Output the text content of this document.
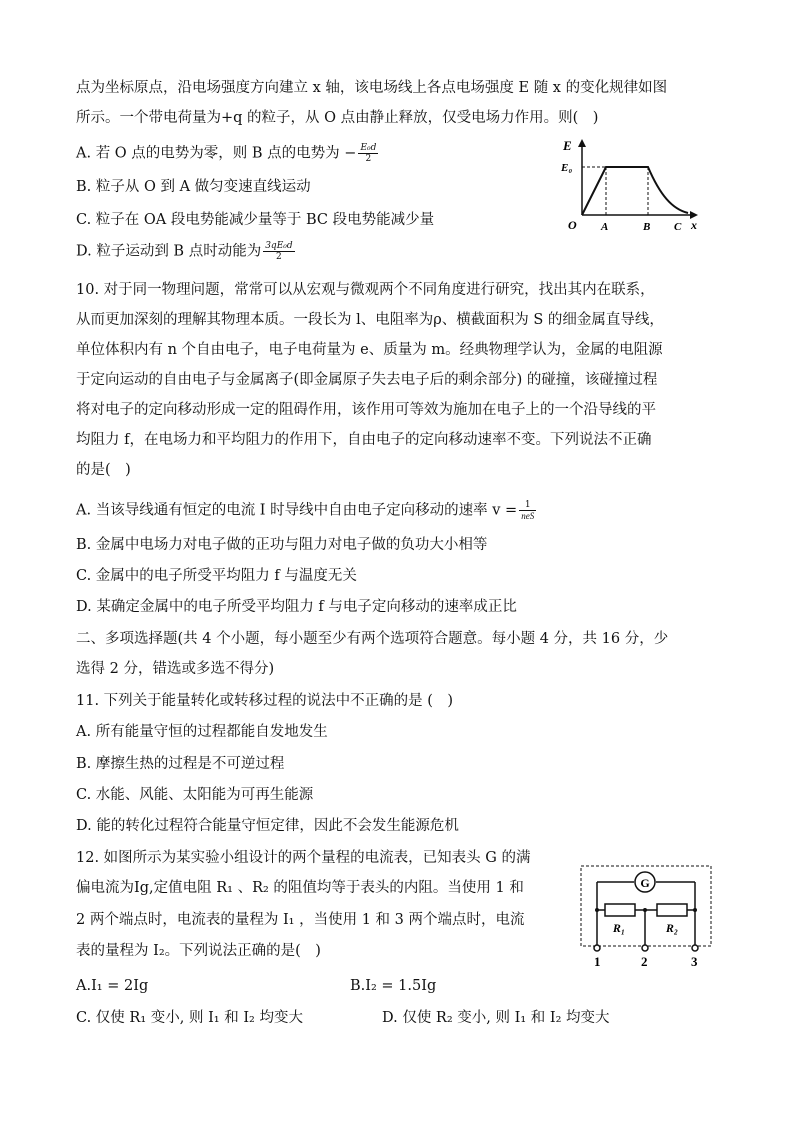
点为坐标原点，沿电场强度方向建立 x 轴，该电场线上各点电场强度 E 随 x 的变化规律如图
所示。一个带电荷量为+q 的粒子，从 O 点由静止释放，仅受电场力作用。则(　)
A. 若 O 点的电势为零，则 B 点的电势为 − $\frac{\text{E₀d}}{2}$
B. 粒子从 O 到 A 做匀变速直线运动
C. 粒子在 OA 段电势能减少量等于 BC 段电势能减少量
D. 粒子运动到 B 点时动能为 $\frac{\text{3qE₀d}}{2}$
E
E₀
O A	B C x
10. 对于同一物理问题，常常可以从宏观与微观两个不同角度进行研究，找出其内在联系，
从而更加深刻的理解其物理本质。一段长为 l、电阻率为ρ、横截面积为 S 的细金属直导线，
单位体积内有 n 个自由电子，电子电荷量为 e、质量为 m。经典物理学认为，金属的电阻源
于定向运动的自由电子与金属离子(即金属原子失去电子后的剩余部分) 的碰撞，该碰撞过程
将对电子的定向移动形成一定的阻碍作用，该作用可等效为施加在电子上的一个沿导线的平
均阻力 f，在电场力和平均阻力的作用下，自由电子的定向移动速率不变。下列说法不正确
的是(　)
A. 当该导线通有恒定的电流 I 时导线中自由电子定向移动的速率 $v = \frac{1}{\text{neS}}$
B. 金属中电场力对电子做的正功与阻力对电子做的负功大小相等
C. 金属中的电子所受平均阻力 f 与温度无关
D. 某确定金属中的电子所受平均阻力 f 与电子定向移动的速率成正比
二、多项选择题(共 4 个小题，每小题至少有两个选项符合题意。每小题 4 分，共 16 分，少
选得 2 分，错选或多选不得分)
11. 下列关于能量转化或转移过程的说法中不正确的是 (　)
A. 所有能量守恒的过程都能自发地发生
B. 摩擦生热的过程是不可逆过程
C. 水能、风能、太阳能为可再生能源
D. 能的转化过程符合能量守恒定律，因此不会发生能源危机
12. 如图所示为某实验小组设计的两个量程的电流表，已知表头 G 的满
偏电流为Ig,定值电阻 R₁ 、R₂ 的阻值均等于表头的内阻。当使用 1 和
2 两个端点时，电流表的量程为 I₁ ，当使用 1 和 3 两个端点时，电流
表的量程为 I₂。下列说法正确的是(　)
A.I₁ = 2Ig	B.I₂ = 1.5Ig
C. 仅使 R₁ 变小, 则 I₁ 和 I₂ 均变大	D. 仅使 R₂ 变小, 则 I₁ 和 I₂ 均变大
G
R₁	R₂
1	2	3
